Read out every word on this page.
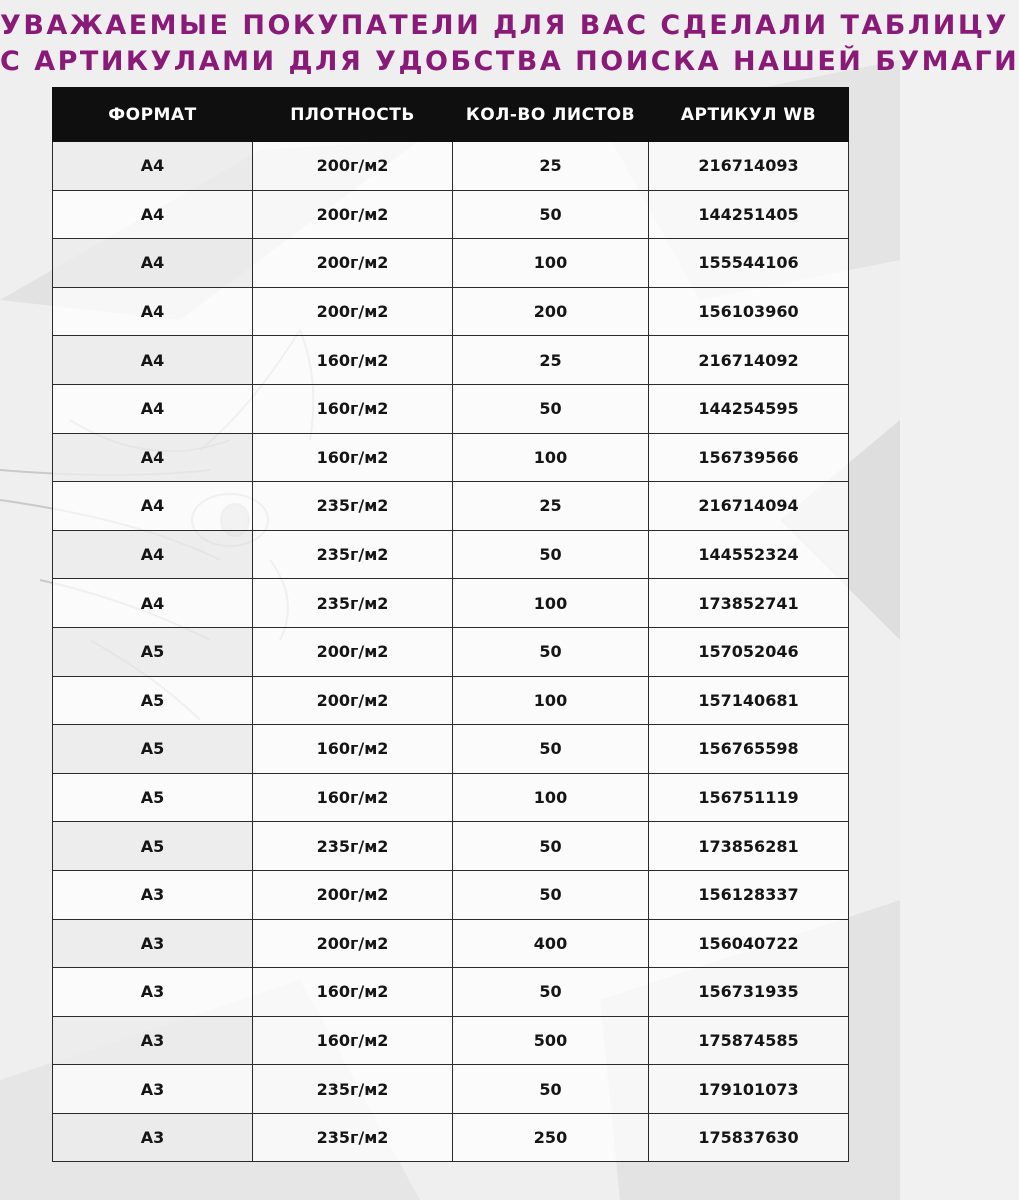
УВАЖАЕМЫЕ ПОКУПАТЕЛИ ДЛЯ ВАС СДЕЛАЛИ ТАБЛИЦУ
С АРТИКУЛАМИ ДЛЯ УДОБСТВА ПОИСКА НАШЕЙ БУМАГИ
ФОРМАТ	ПЛОТНОСТЬ	КОЛ-ВО ЛИСТОВ	АРТИКУЛ WB
А4	200г/м2	25	216714093
А4	200г/м2	50	144251405
А4	200г/м2	100	155544106
А4	200г/м2	200	156103960
А4	160г/м2	25	216714092
А4	160г/м2	50	144254595
А4	160г/м2	100	156739566
А4	235г/м2	25	216714094
А4	235г/м2	50	144552324
А4	235г/м2	100	173852741
А5	200г/м2	50	157052046
А5	200г/м2	100	157140681
А5	160г/м2	50	156765598
А5	160г/м2	100	156751119
А5	235г/м2	50	173856281
А3	200г/м2	50	156128337
А3	200г/м2	400	156040722
А3	160г/м2	50	156731935
А3	160г/м2	500	175874585
А3	235г/м2	50	179101073
А3	235г/м2	250	175837630
